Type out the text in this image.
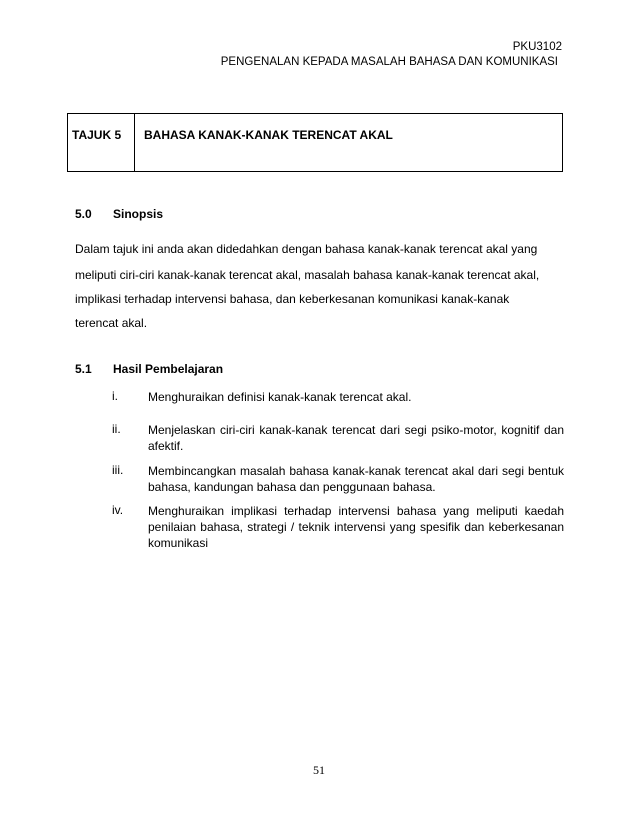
PKU3102
PENGENALAN KEPADA MASALAH BAHASA DAN KOMUNIKASI
TAJUK 5 BAHASA KANAK-KANAK TERENCAT AKAL
5.0 Sinopsis
Dalam tajuk ini anda akan didedahkan dengan bahasa kanak-kanak terencat akal yang
meliputi ciri-ciri kanak-kanak terencat akal, masalah bahasa kanak-kanak terencat akal,
implikasi terhadap intervensi bahasa, dan keberkesanan komunikasi kanak-kanak
terencat akal.
5.1 Hasil Pembelajaran
i.	Menghuraikan definisi kanak-kanak terencat akal.
ii. Menjelaskan ciri-ciri kanak-kanak terencat dari segi psiko-motor, kognitif dan afektif.
iii. Membincangkan masalah bahasa kanak-kanak terencat akal dari segi bentuk bahasa, kandungan bahasa dan penggunaan bahasa.
iv. Menghuraikan implikasi terhadap intervensi bahasa yang meliputi kaedah penilaian bahasa, strategi / teknik intervensi yang spesifik dan keberkesanan komunikasi
51
